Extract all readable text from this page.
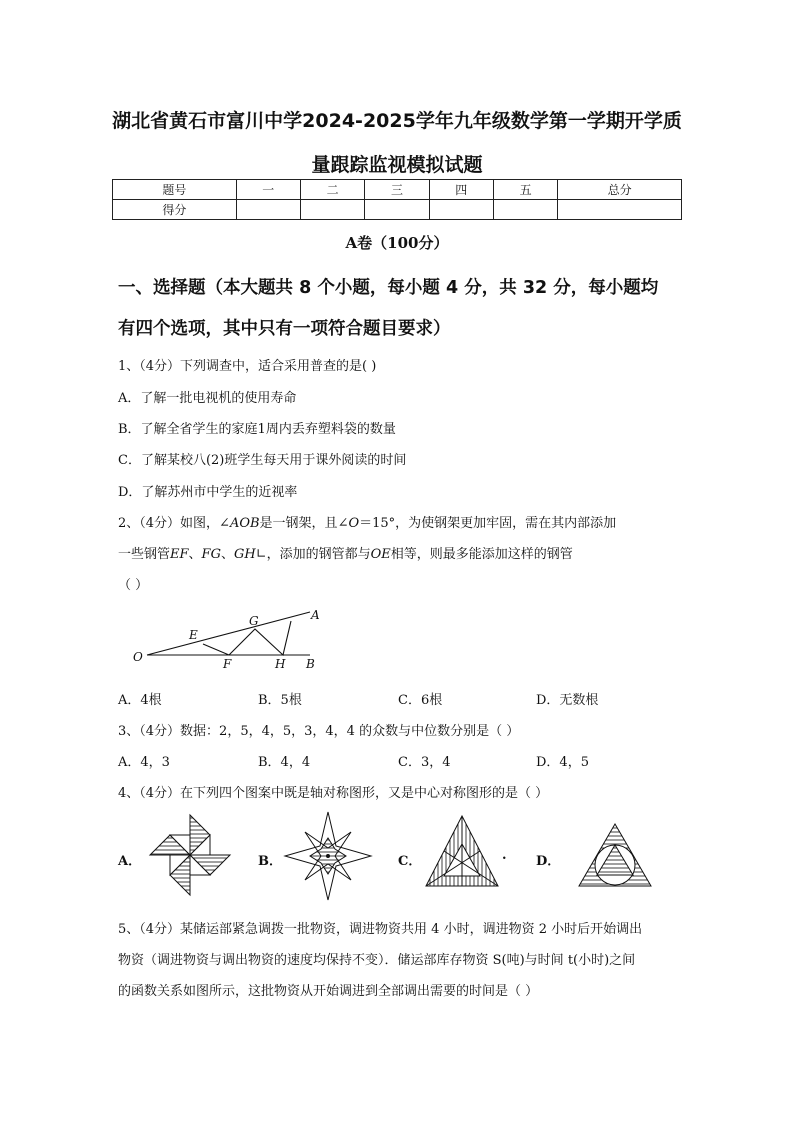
湖北省黄石市富川中学2024-2025学年九年级数学第一学期开学质
量跟踪监视模拟试题
题号	一	二	三	四	五	总分
得分						
A卷（100分）
一、选择题（本大题共 8 个小题，每小题 4 分，共 32 分，每小题均
有四个选项，其中只有一项符合题目要求）
1、（4分）下列调查中，适合采用普查的是( )
A．了解一批电视机的使用寿命
B．了解全省学生的家庭1周内丢弃塑料袋的数量
C．了解某校八(2)班学生每天用于课外阅读的时间
D．了解苏州市中学生的近视率
2、（4分）如图，∠AOB是一钢架，且∠O＝15°，为使钢架更加牢固，需在其内部添加
一些钢管EF、FG、GH∟，添加的钢管都与OE相等，则最多能添加这样的钢管
（ ）
O
E
F
G
H
A
B
A．4根	B．5根	C．6根	D．无数根
3、（4分）数据：2，5，4，5，3，4，4 的众数与中位数分别是（ ）
A．4，3	B．4，4	C．3，4	D．4，5
4、（4分）在下列四个图案中既是轴对称图形，又是中心对称图形的是（ ）
A．	B．	C．	. D．
5、（4分）某储运部紧急调拨一批物资，调进物资共用 4 小时，调进物资 2 小时后开始调出
物资（调进物资与调出物资的速度均保持不变）．储运部库存物资 S(吨)与时间 t(小时)之间
的函数关系如图所示，这批物资从开始调进到全部调出需要的时间是（ ）
